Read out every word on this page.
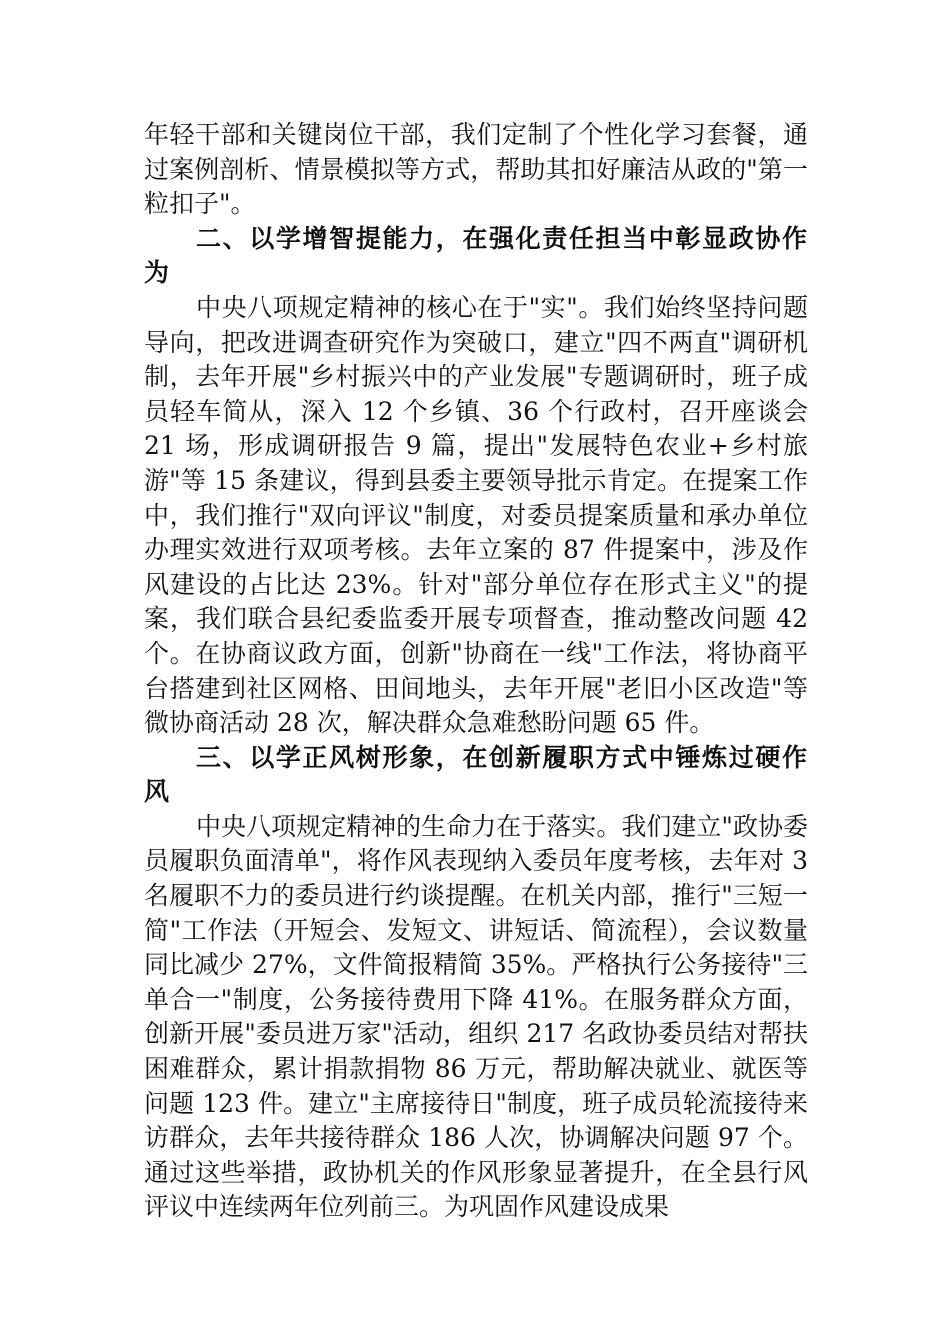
年轻干部和关键岗位干部，我们定制了个性化学习套餐，通过案例剖析、情景模拟等方式，帮助其扣好廉洁从政的"第一粒扣子"。

二、以学增智提能力，在强化责任担当中彰显政协作为

中央八项规定精神的核心在于"实"。我们始终坚持问题导向，把改进调查研究作为突破口，建立"四不两直"调研机制，去年开展"乡村振兴中的产业发展"专题调研时，班子成员轻车简从，深入 12 个乡镇、36 个行政村，召开座谈会 21 场，形成调研报告 9 篇，提出"发展特色农业+乡村旅游"等 15 条建议，得到县委主要领导批示肯定。在提案工作中，我们推行"双向评议"制度，对委员提案质量和承办单位办理实效进行双项考核。去年立案的 87 件提案中，涉及作风建设的占比达 23%。针对"部分单位存在形式主义"的提案，我们联合县纪委监委开展专项督查，推动整改问题 42 个。在协商议政方面，创新"协商在一线"工作法，将协商平台搭建到社区网格、田间地头，去年开展"老旧小区改造"等微协商活动 28 次，解决群众急难愁盼问题 65 件。

三、以学正风树形象，在创新履职方式中锤炼过硬作风

中央八项规定精神的生命力在于落实。我们建立"政协委员履职负面清单"，将作风表现纳入委员年度考核，去年对 3 名履职不力的委员进行约谈提醒。在机关内部，推行"三短一简"工作法（开短会、发短文、讲短话、简流程），会议数量同比减少 27%，文件简报精简 35%。严格执行公务接待"三单合一"制度，公务接待费用下降 41%。在服务群众方面，创新开展"委员进万家"活动，组织 217 名政协委员结对帮扶困难群众，累计捐款捐物 86 万元，帮助解决就业、就医等问题 123 件。建立"主席接待日"制度，班子成员轮流接待来访群众，去年共接待群众 186 人次，协调解决问题 97 个。通过这些举措，政协机关的作风形象显著提升，在全县行风评议中连续两年位列前三。为巩固作风建设成果
